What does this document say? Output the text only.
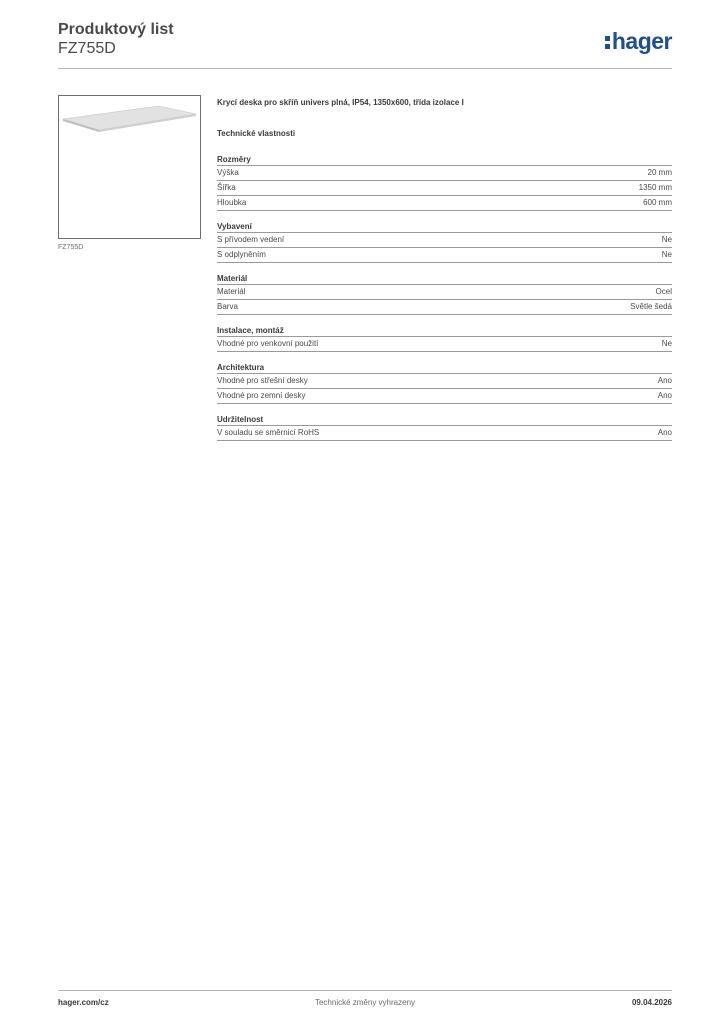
Produktový list
FZ755D	hager
FZ755D
Krycí deska pro skříň univers plná, IP54, 1350x600, třída izolace I
Technické vlastnosti
Rozměry
Výška	20 mm
Šířka	1350 mm
Hloubka	600 mm
Vybavení
S přívodem vedení	Ne
S odplyněním	Ne
Materiál
Materiál	Ocel
Barva	Světle šedá
Instalace, montáž
Vhodné pro venkovní použití	Ne
Architektura
Vhodné pro střešní desky	Ano
Vhodné pro zemní desky	Ano
Udržitelnost
V souladu se směrnicí RoHS	Ano
hager.com/cz	Technické změny vyhrazeny	09.04.2026
